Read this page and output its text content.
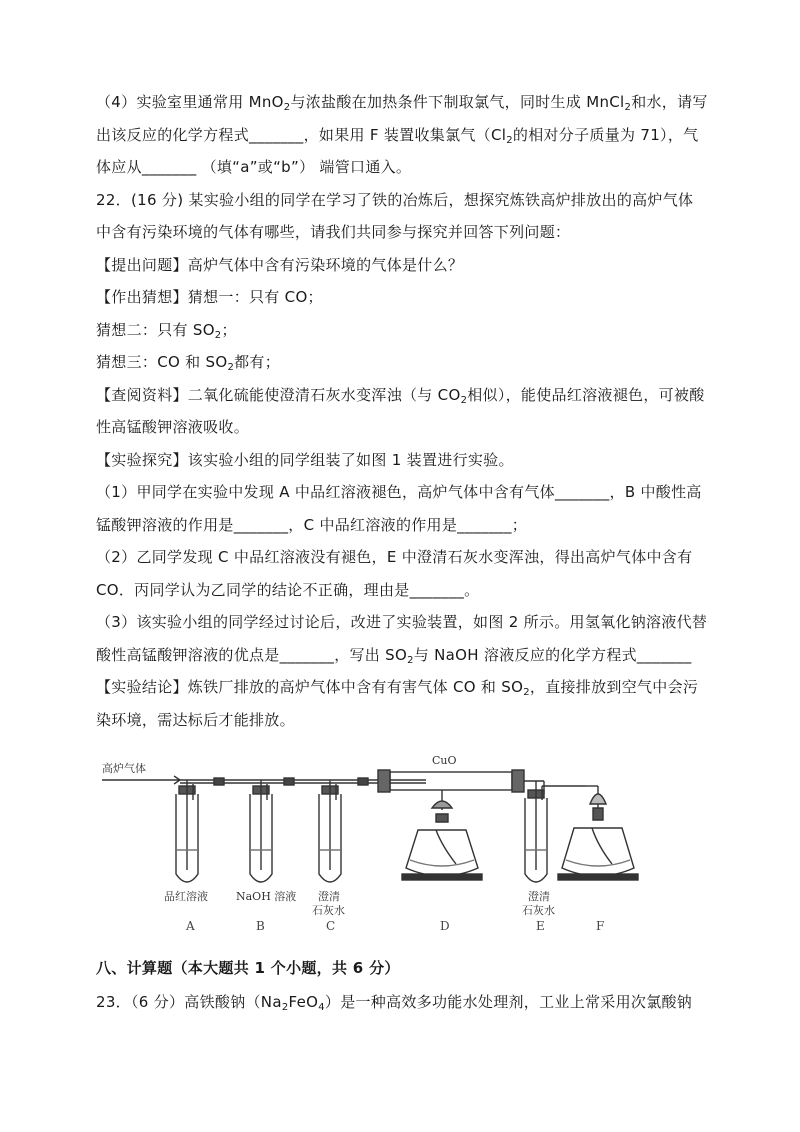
（4）实验室里通常用 MnO$_2$与浓盐酸在加热条件下制取氯气，同时生成 MnCl$_2$和水，请写
出该反应的化学方程式_______，如果用 F 装置收集氯气（$Cl_2$的相对分子质量为 71），气
体应从_______ （填“a”或“b”） 端管口通入。
22．(16 分) 某实验小组的同学在学习了铁的冶炼后，想探究炼铁高炉排放出的高炉气体
中含有污染环境的气体有哪些，请我们共同参与探究并回答下列问题：
【提出问题】高炉气体中含有污染环境的气体是什么？
【作出猜想】猜想一：只有 CO；
猜想二：只有 $SO_2$；
猜想三：CO 和 $SO_2$都有；
【查阅资料】二氧化硫能使澄清石灰水变浑浊（与 $CO_2$相似），能使品红溶液褪色，可被酸
性高锰酸钾溶液吸收。
【实验探究】该实验小组的同学组装了如图 1 装置进行实验。
（1）甲同学在实验中发现 A 中品红溶液褪色，高炉气体中含有气体_______，B 中酸性高
锰酸钾溶液的作用是_______，C 中品红溶液的作用是_______；
（2）乙同学发现 C 中品红溶液没有褪色，E 中澄清石灰水变浑浊，得出高炉气体中含有
CO．丙同学认为乙同学的结论不正确，理由是_______。
（3）该实验小组的同学经过讨论后，改进了实验装置，如图 2 所示。用氢氧化钠溶液代替
酸性高锰酸钾溶液的优点是_______，写出 $SO_2$与 NaOH 溶液反应的化学方程式_______
高炉气体
CuO
品红溶液	NaOH 溶液 澄清
石灰水
澄清
石灰水
A	B	C	D	E	F
八、计算题（本大题共 1 个小题，共 6 分）
23．（6 分）高铁酸钠$(Na_2FeO_4)$是一种高效多功能水处理剂，工业上常采用次氯酸钠
【实验结论】炼铁厂排放的高炉气体中含有有害气体 CO 和 $SO_2$，直接排放到空气中会污
染环境，需达标后才能排放。
